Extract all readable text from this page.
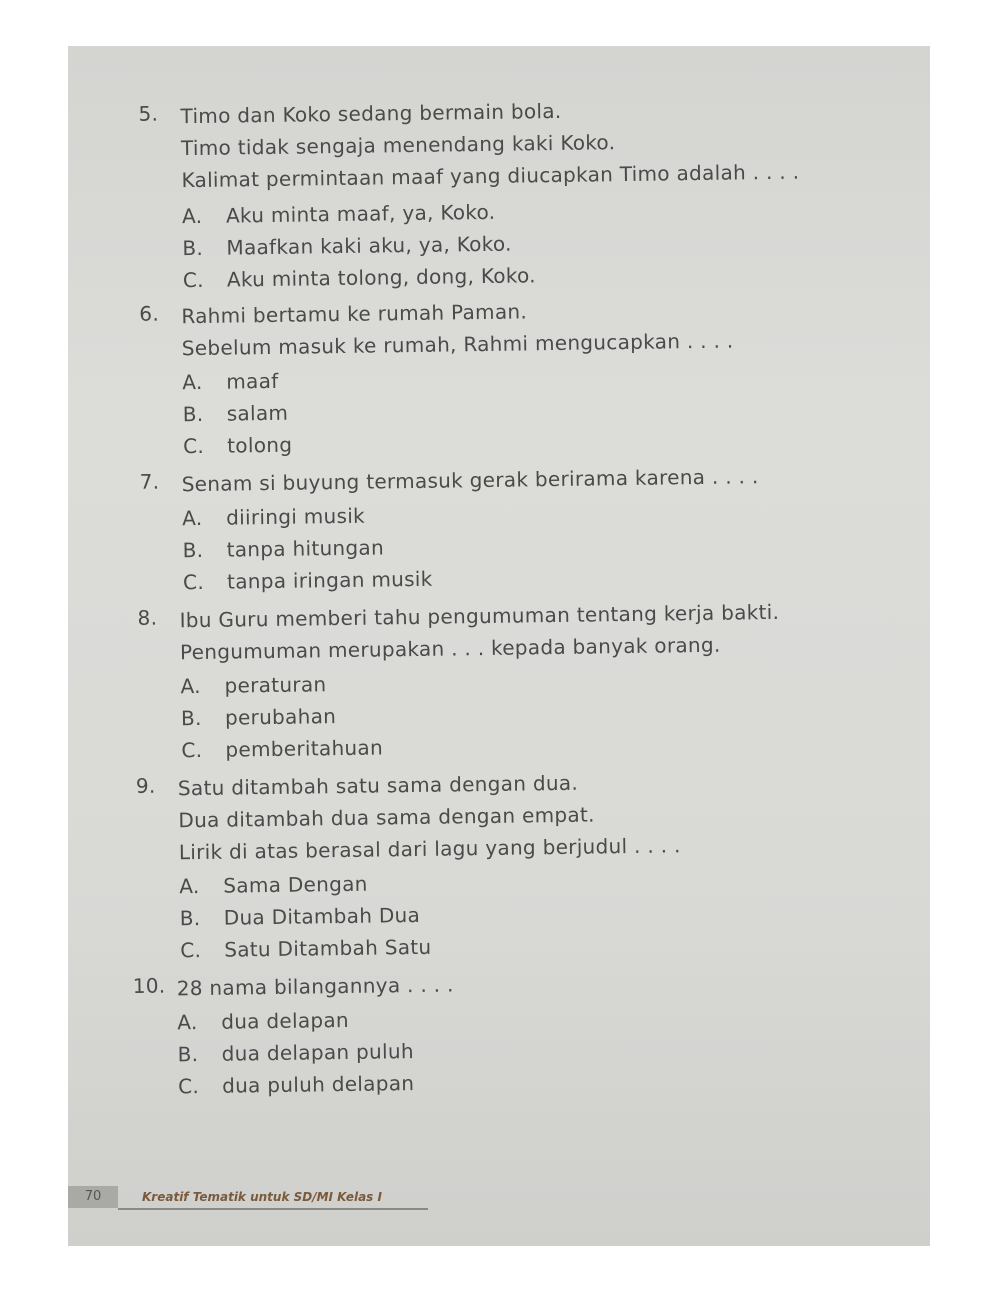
5.	Timo dan Koko sedang bermain bola.
Timo tidak sengaja menendang kaki Koko.
Kalimat permintaan maaf yang diucapkan Timo adalah . . . .
A. Aku minta maaf, ya, Koko.
B. Maafkan kaki aku, ya, Koko.
C. Aku minta tolong, dong, Koko.
6.	Rahmi bertamu ke rumah Paman.
Sebelum masuk ke rumah, Rahmi mengucapkan . . . .
A. maaf
B. salam
C. tolong
7.	Senam si buyung termasuk gerak berirama karena . . . .
A. diiringi musik
B. tanpa hitungan
C. tanpa iringan musik
8.	Ibu Guru memberi tahu pengumuman tentang kerja bakti.
Pengumuman merupakan . . . kepada banyak orang.
A. peraturan
B. perubahan
C. pemberitahuan
9.	Satu ditambah satu sama dengan dua.
Dua ditambah dua sama dengan empat.
Lirik di atas berasal dari lagu yang berjudul . . . .
A. Sama Dengan
B. Dua Ditambah Dua
C. Satu Ditambah Satu
10. 28 nama bilangannya . . . .
A. dua delapan
B. dua delapan puluh
C. dua puluh delapan
70	Kreatif Tematik untuk SD/MI Kelas I
